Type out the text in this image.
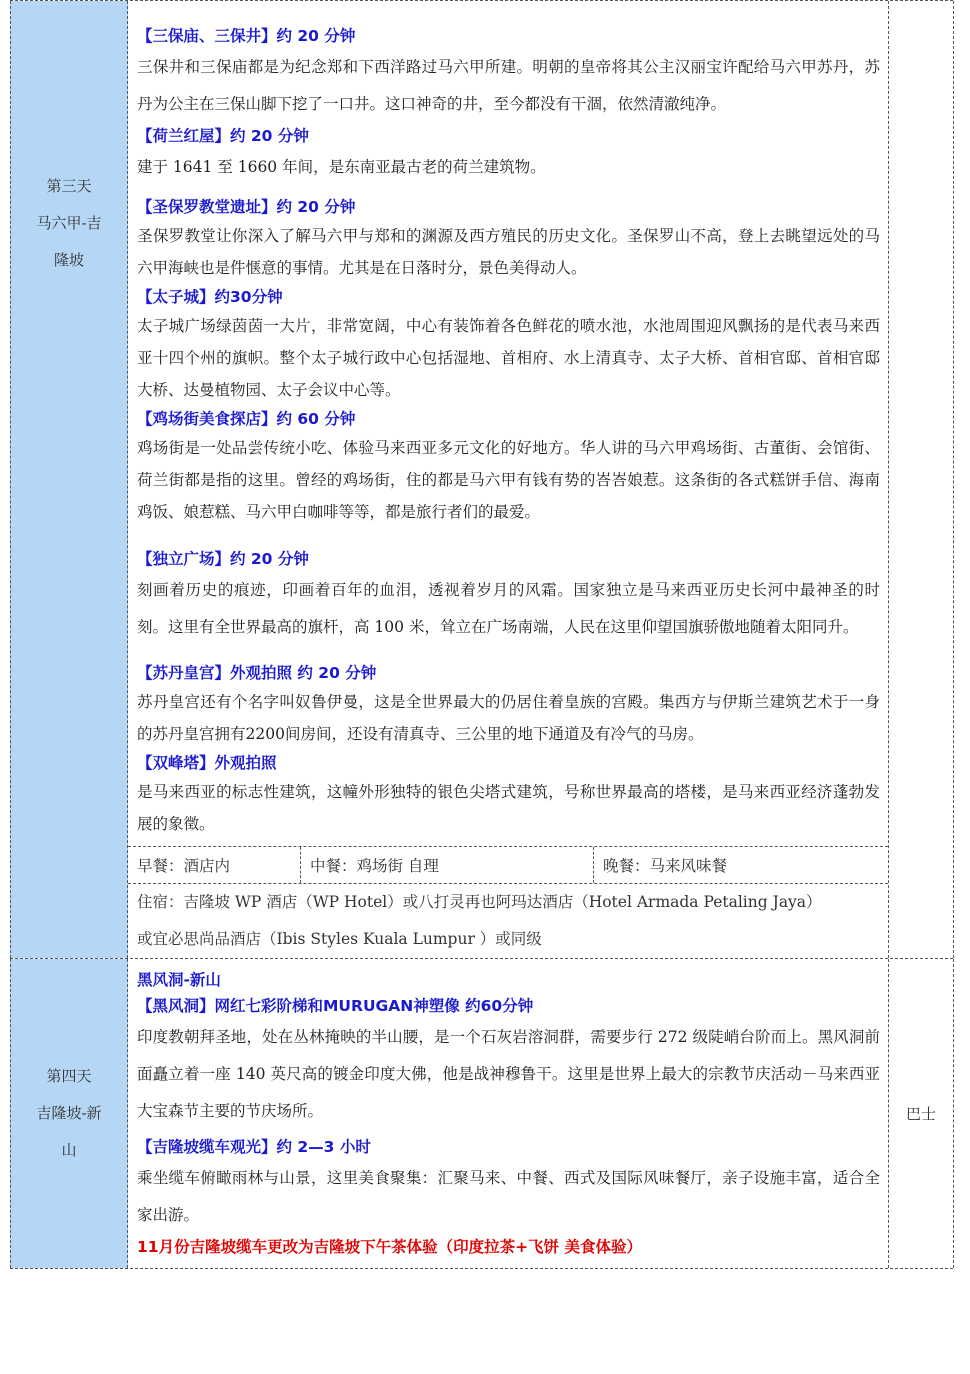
第三天
马六甲-吉
隆坡
【三保庙、三保井】约 20 分钟
三保井和三保庙都是为纪念郑和下西洋路过马六甲所建。明朝的皇帝将其公主汉丽宝许配给马六甲苏丹，苏丹为公主在三保山脚下挖了一口井。这口神奇的井，至今都没有干涸，依然清澈纯净。
【荷兰红屋】约 20 分钟
建于 1641 至 1660 年间，是东南亚最古老的荷兰建筑物。
【圣保罗教堂遗址】约 20 分钟
圣保罗教堂让你深入了解马六甲与郑和的渊源及西方殖民的历史文化。圣保罗山不高，登上去眺望远处的马六甲海峡也是件惬意的事情。尤其是在日落时分，景色美得动人。
【太子城】约30分钟
太子城广场绿茵茵一大片，非常宽阔，中心有装饰着各色鲜花的喷水池，水池周围迎风飘扬的是代表马来西亚十四个州的旗帜。整个太子城行政中心包括湿地、首相府、水上清真寺、太子大桥、首相官邸、首相官邸大桥、达曼植物园、太子会议中心等。
【鸡场街美食探店】约 60 分钟
鸡场街是一处品尝传统小吃、体验马来西亚多元文化的好地方。华人讲的马六甲鸡场街、古董街、会馆街、荷兰街都是指的这里。曾经的鸡场街，住的都是马六甲有钱有势的峇峇娘惹。这条街的各式糕饼手信、海南鸡饭、娘惹糕、马六甲白咖啡等等，都是旅行者们的最爱。
【独立广场】约 20 分钟
刻画着历史的痕迹，印画着百年的血泪，透视着岁月的风霜。国家独立是马来西亚历史长河中最神圣的时刻。这里有全世界最高的旗杆，高 100 米，耸立在广场南端，人民在这里仰望国旗骄傲地随着太阳同升。
【苏丹皇宫】外观拍照 约 20 分钟
苏丹皇宫还有个名字叫奴鲁伊曼，这是全世界最大的仍居住着皇族的宫殿。集西方与伊斯兰建筑艺术于一身的苏丹皇宫拥有2200间房间，还设有清真寺、三公里的地下通道及有冷气的马房。
【双峰塔】外观拍照
是马来西亚的标志性建筑，这幢外形独特的银色尖塔式建筑，号称世界最高的塔楼，是马来西亚经济蓬勃发展的象徵。
早餐：酒店内	中餐：鸡场街 自理	晚餐：马来风味餐
住宿：吉隆坡 WP 酒店（WP Hotel）或八打灵再也阿玛达酒店（Hotel Armada Petaling Jaya）
或宜必思尚品酒店（Ibis Styles Kuala Lumpur ）或同级
第四天
吉隆坡-新
山
黑风洞-新山
【黑风洞】网红七彩阶梯和MURUGAN神塑像 约60分钟
印度教朝拜圣地，处在丛林掩映的半山腰，是一个石灰岩溶洞群，需要步行 272 级陡峭台阶而上。黑风洞前面矗立着一座 140 英尺高的镀金印度大佛，他是战神穆鲁干。这里是世界上最大的宗教节庆活动－马来西亚大宝森节主要的节庆场所。
【吉隆坡缆车观光】约 2—3 小时
乘坐缆车俯瞰雨林与山景，这里美食聚集：汇聚马来、中餐、西式及国际风味餐厅，亲子设施丰富，适合全家出游。
11月份吉隆坡缆车更改为吉隆坡下午茶体验（印度拉茶+飞饼 美食体验）
巴士
